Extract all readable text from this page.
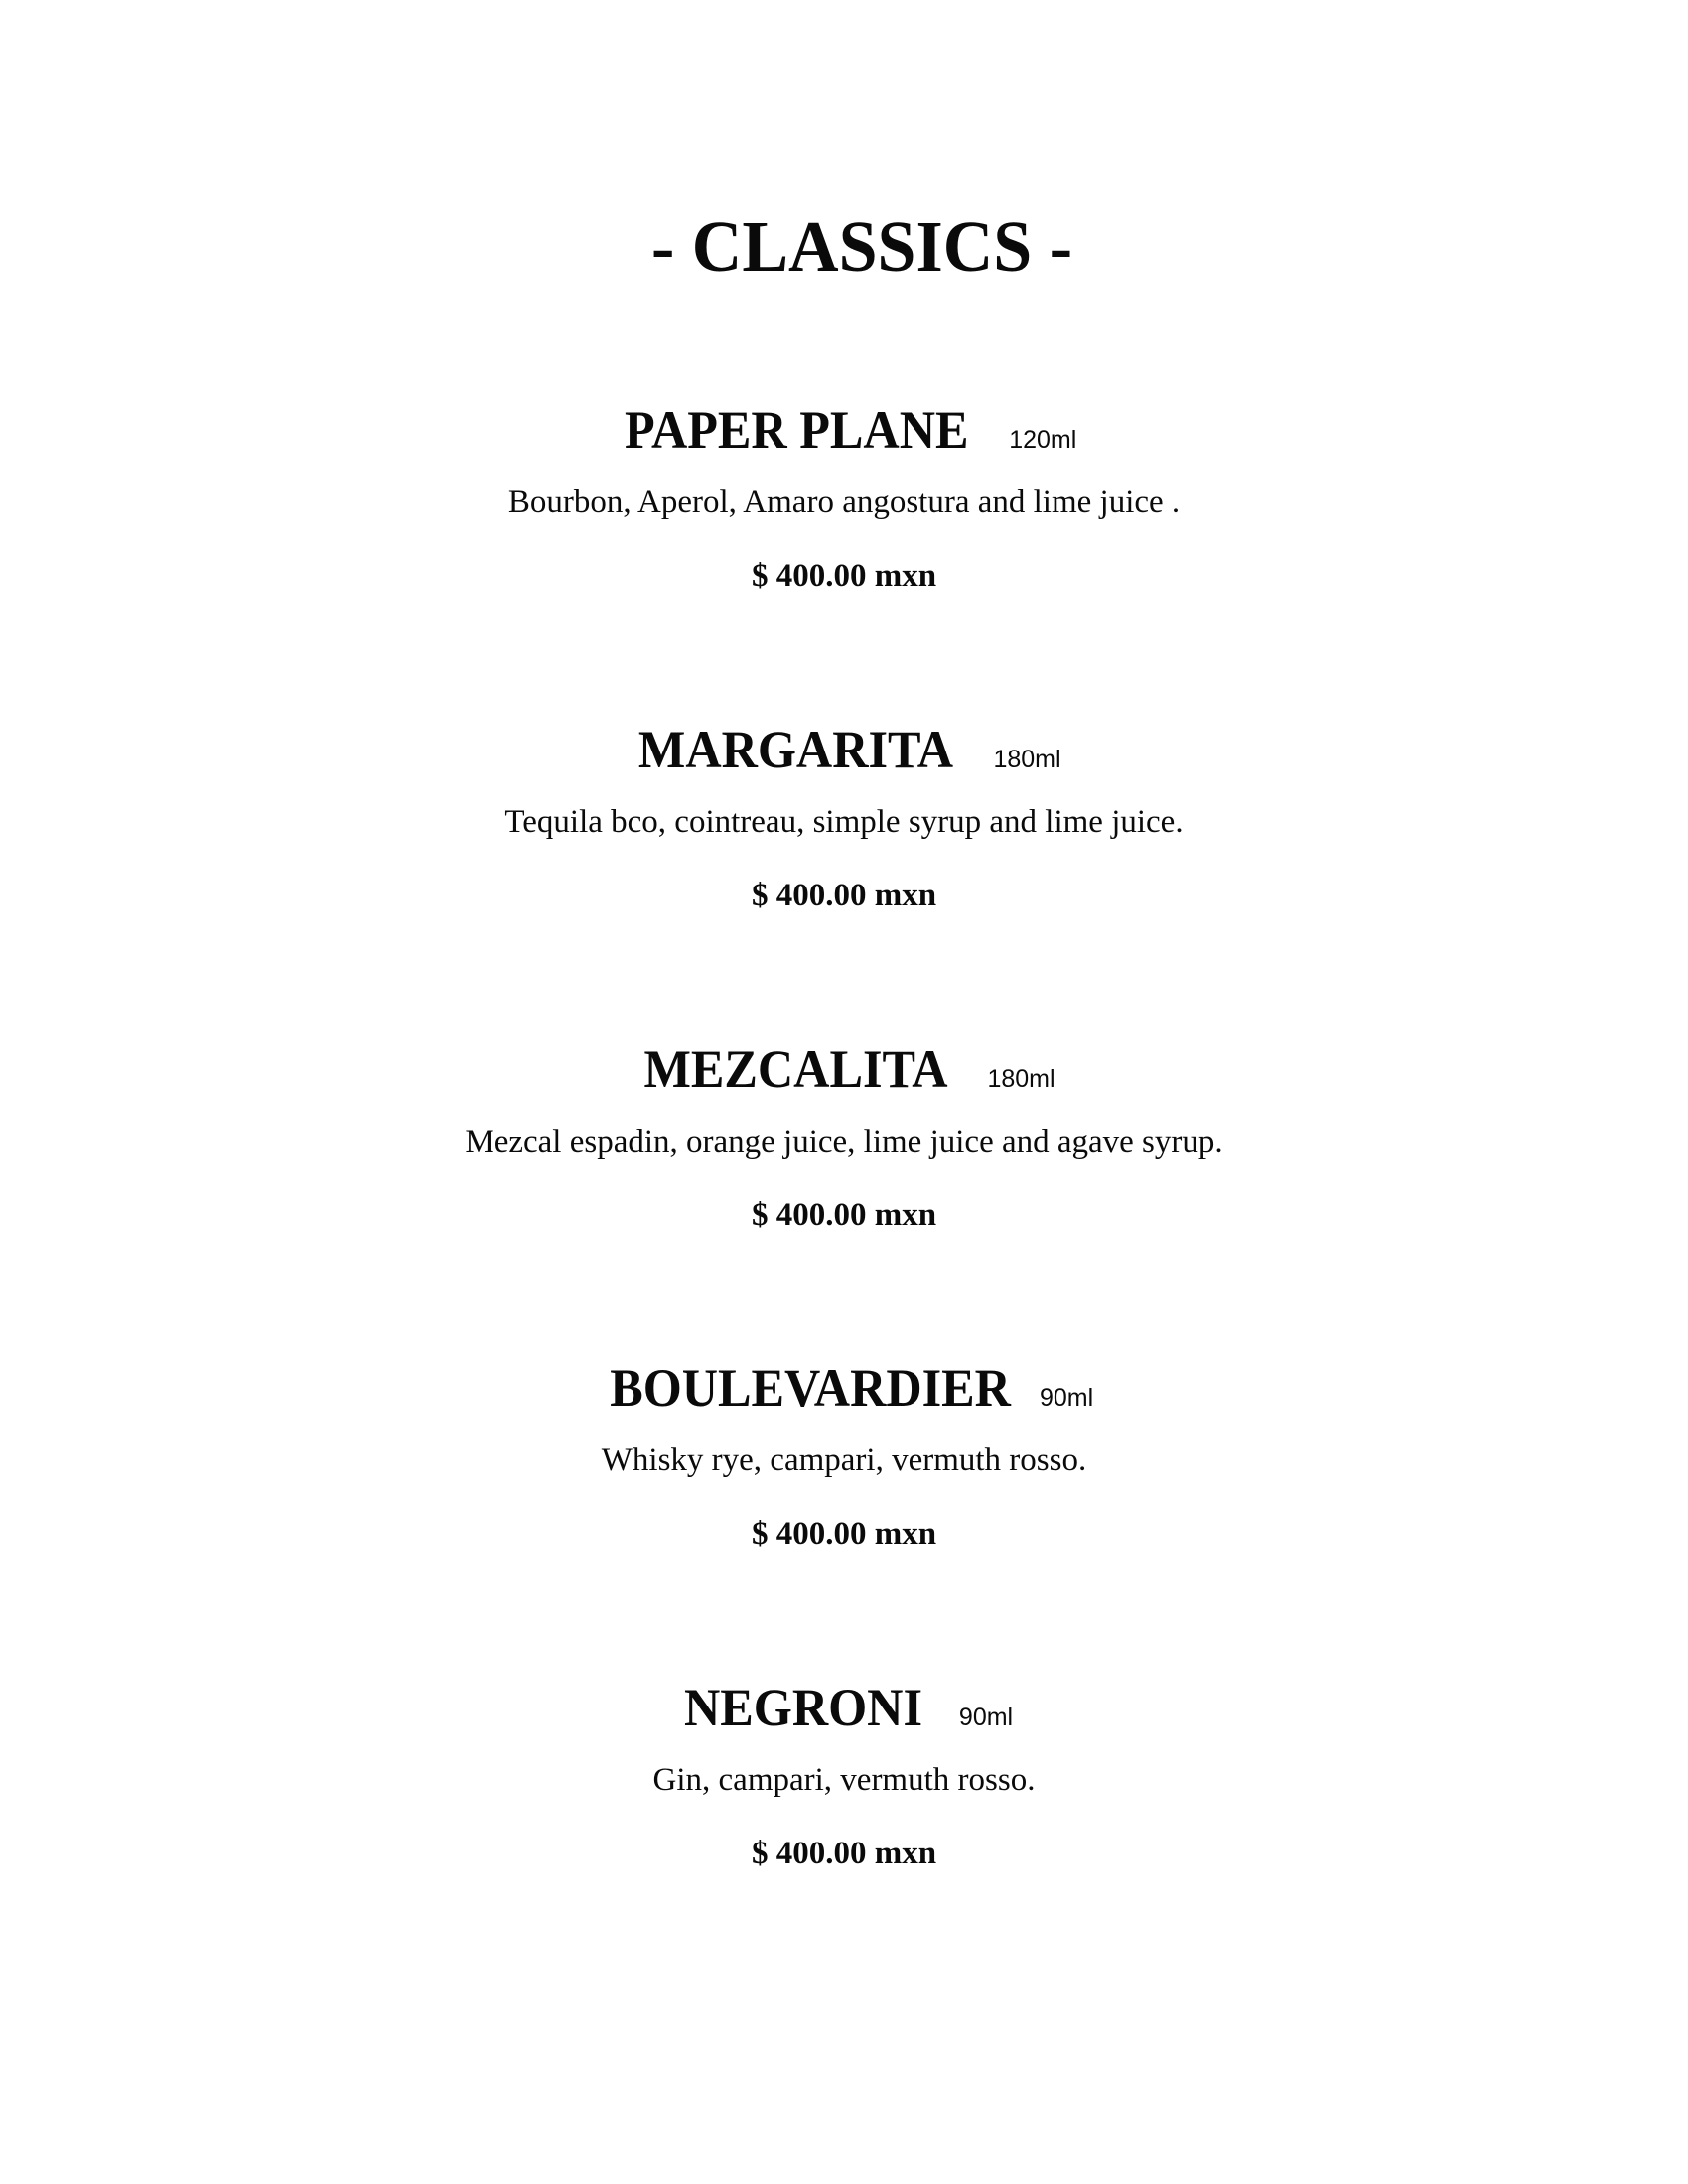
- CLASSICS -
PAPER PLANE 120ml
Bourbon, Aperol, Amaro angostura and lime juice .
$ 400.00 mxn
MARGARITA 180ml
Tequila bco, cointreau, simple syrup and lime juice.
$ 400.00 mxn
MEZCALITA 180ml
Mezcal espadin, orange juice, lime juice and agave syrup.
$ 400.00 mxn
BOULEVARDIER 90ml
Whisky rye, campari, vermuth rosso.
$ 400.00 mxn
NEGRONI 90ml
Gin, campari, vermuth rosso.
$ 400.00 mxn
